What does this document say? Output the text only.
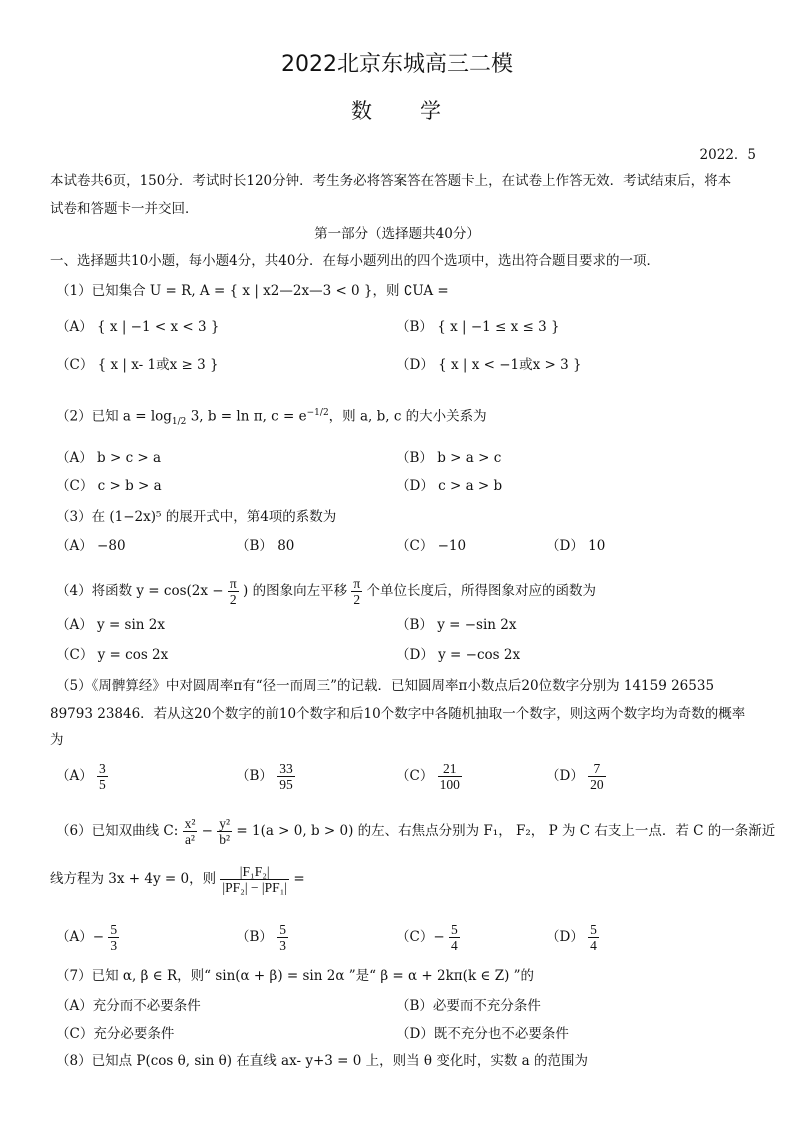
2022北京东城高三二模
数　　学
2022．5
本试卷共6页，150分．考试时长120分钟．考生务必将答案答在答题卡上，在试卷上作答无效．考试结束后，将本
试卷和答题卡一并交回．
第一部分（选择题共40分）
一、选择题共10小题，每小题4分，共40分．在每小题列出的四个选项中，选出符合题目要求的一项．
（1）已知集合 U = R, A = { x | x2—2x—3 < 0 }，则 ∁UA =
（A） { x | −1 < x < 3 }	（B） { x | −1 ≤ x ≤ 3 }
（C） { x | x- 1或x ≥ 3 }	（D） { x | x < −1或x > 3 }
（2）已知 $a = \log_{1/2} 3$, b = ln π, $c = e^{-1/2}$，则 a, b, c 的大小关系为
（A） b > c > a	（B） b > a > c
（C） c > b > a	（D） c > a > b
（3）在 (1−2x)⁵ 的展开式中，第4项的系数为
（A） −80	（B） 80	（C） −10	（D） 10
（4）将函数 $y = \cos(2x - \frac{\pi}{2}$ ) 的图象向左平移 $\frac{\pi}{2}$ 个单位长度后，所得图象对应的函数为
（A） y = sin 2x	（B） y = −sin 2x
（C） y = cos 2x	（D） y = −cos 2x
（5）《周髀算经》中对圆周率π有“径一而周三”的记载．已知圆周率π小数点后20位数字分别为 14159 26535
89793 23846．若从这20个数字的前10个数字和后10个数字中各随机抽取一个数字，则这两个数字均为奇数的概率
为
$(A) \frac{3}{5}$	$(B) \frac{33}{95}$	$(C) \frac{21}{100}$	$(D) \frac{7}{20}$
（6）已知双曲线 C: $\frac{\text{x²}}{\text{a²}} - \frac{\text{y²}}{\text{b²}} = 1(a > 0$, b > 0) 的左、右焦点分别为 F₁， F₂， P 为 C 右支上一点．若 C 的一条渐近
线方程为 3x + 4y = 0，则 $\frac{\text{|F₁F₂|}}{\text{|PF₂| − |PF₁|}}$ =
$(A)- \frac{5}{3}$	$(B) \frac{5}{3}$	$(C)- \frac{5}{4}$	$(D) \frac{5}{4}$
（7）已知 α, β ∈ R，则“ sin(α + β) = sin 2α ”是“ β = α + 2kπ(k ∈ Z) ”的
（A）充分而不必要条件	（B）必要而不充分条件
（C）充分必要条件	（D）既不充分也不必要条件
（8）已知点 P(cos θ, sin θ) 在直线 ax- y+3 = 0 上，则当 θ 变化时，实数 a 的范围为
